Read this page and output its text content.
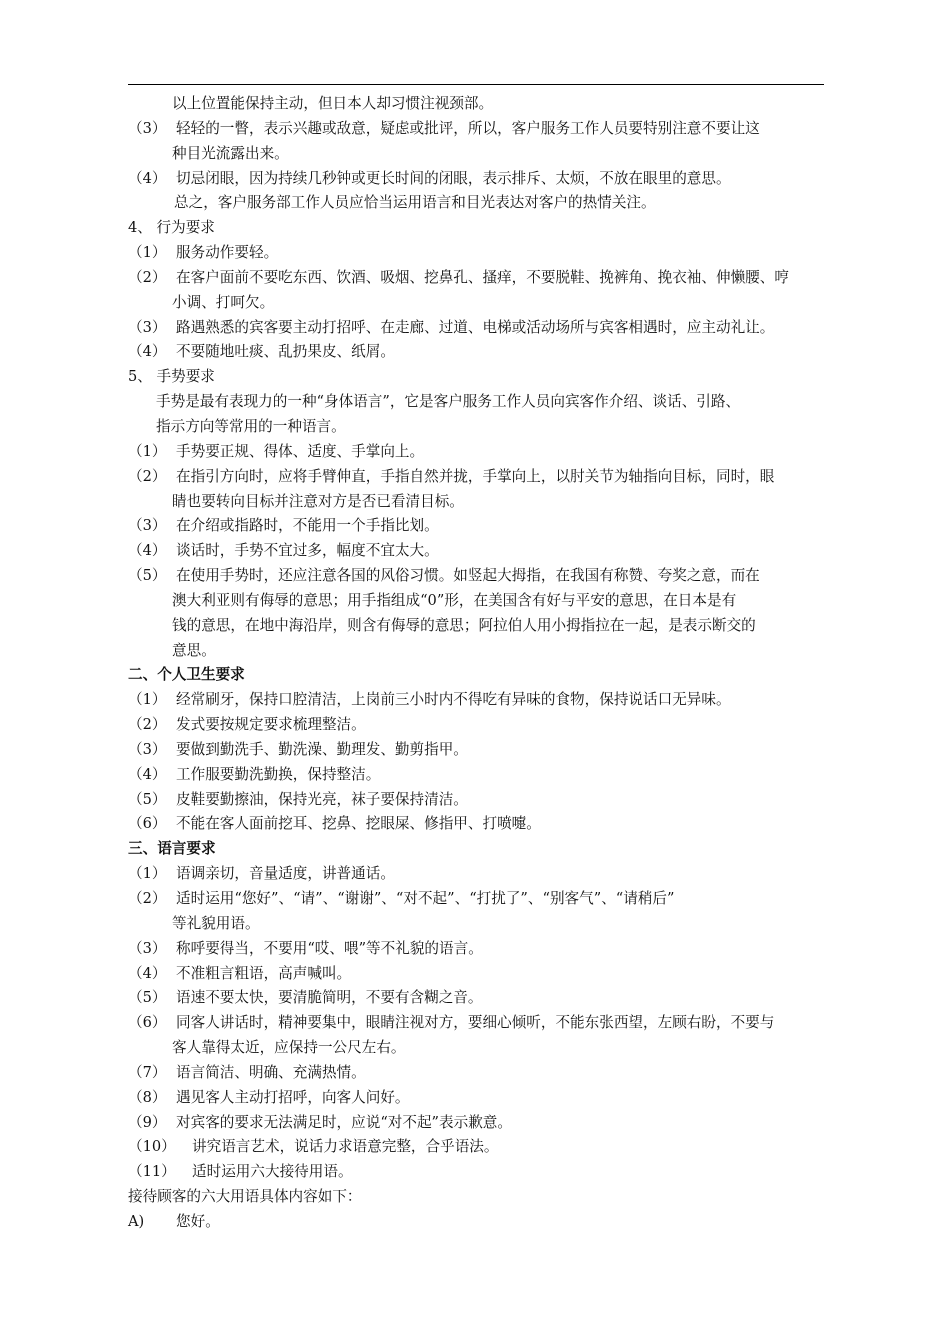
以上位置能保持主动，但日本人却习惯注视颈部。
（3） 轻轻的一瞥，表示兴趣或敌意，疑虑或批评，所以，客户服务工作人员要特别注意不要让这
种目光流露出来。
（4） 切忌闭眼，因为持续几秒钟或更长时间的闭眼，表示排斥、太烦，不放在眼里的意思。
总之，客户服务部工作人员应恰当运用语言和目光表达对客户的热情关注。
4、 行为要求
（1） 服务动作要轻。
（2） 在客户面前不要吃东西、饮酒、吸烟、挖鼻孔、搔痒，不要脱鞋、挽裤角、挽衣袖、伸懒腰、哼
小调、打呵欠。
（3） 路遇熟悉的宾客要主动打招呼、在走廊、过道、电梯或活动场所与宾客相遇时，应主动礼让。
（4） 不要随地吐痰、乱扔果皮、纸屑。
5、 手势要求
手势是最有表现力的一种“身体语言”，它是客户服务工作人员向宾客作介绍、谈话、引路、
指示方向等常用的一种语言。
（1） 手势要正规、得体、适度、手掌向上。
（2） 在指引方向时，应将手臂伸直，手指自然并拢，手掌向上，以肘关节为轴指向目标，同时，眼
睛也要转向目标并注意对方是否已看清目标。
（3） 在介绍或指路时，不能用一个手指比划。
（4） 谈话时，手势不宜过多，幅度不宜太大。
（5） 在使用手势时，还应注意各国的风俗习惯。如竖起大拇指，在我国有称赞、夸奖之意，而在
澳大利亚则有侮辱的意思；用手指组成“0”形，在美国含有好与平安的意思，在日本是有
钱的意思，在地中海沿岸，则含有侮辱的意思；阿拉伯人用小拇指拉在一起，是表示断交的
意思。
二、个人卫生要求
（1） 经常刷牙，保持口腔清洁，上岗前三小时内不得吃有异味的食物，保持说话口无异味。
（2） 发式要按规定要求梳理整洁。
（3） 要做到勤洗手、勤洗澡、勤理发、勤剪指甲。
（4） 工作服要勤洗勤换，保持整洁。
（5） 皮鞋要勤擦油，保持光亮，袜子要保持清洁。
（6） 不能在客人面前挖耳、挖鼻、挖眼屎、修指甲、打喷嚏。
三、语言要求
（1） 语调亲切，音量适度，讲普通话。
（2） 适时运用“您好”、“请”、“谢谢”、“对不起”、“打扰了”、“别客气”、“请稍后”
等礼貌用语。
（3） 称呼要得当，不要用“哎、喂”等不礼貌的语言。
（4） 不准粗言粗语，高声喊叫。
（5） 语速不要太快，要清脆简明，不要有含糊之音。
（6） 同客人讲话时，精神要集中，眼睛注视对方，要细心倾听，不能东张西望，左顾右盼，不要与
客人靠得太近，应保持一公尺左右。
（7） 语言简洁、明确、充满热情。
（8） 遇见客人主动打招呼，向客人问好。
（9） 对宾客的要求无法满足时，应说“对不起”表示歉意。
（10） 讲究语言艺术，说话力求语意完整，合乎语法。
（11） 适时运用六大接待用语。
接待顾客的六大用语具体内容如下：
A) 您好。
